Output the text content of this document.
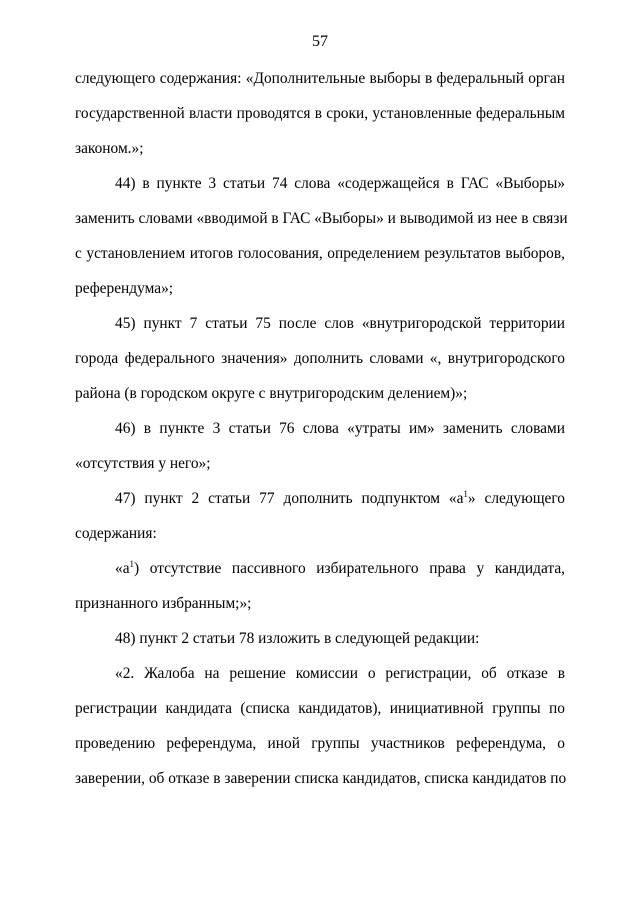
57
следующего содержания: «Дополнительные выборы в федеральный орган
государственной власти проводятся в сроки, установленные федеральным
законом.»;
44) в пункте 3 статьи 74 слова «содержащейся в ГАС «Выборы»
заменить словами «вводимой в ГАС «Выборы» и выводимой из нее в связи
с установлением итогов голосования, определением результатов выборов,
референдума»;
45) пункт 7 статьи 75 после слов «внутригородской территории
города федерального значения» дополнить словами «, внутригородского
района (в городском округе с внутригородским делением)»;
46) в пункте 3 статьи 76 слова «утраты им» заменить словами
«отсутствия у него»;
47) пункт 2 статьи 77 дополнить подпунктом «$а^1$» следующего
содержания:
«$а^1$) отсутствие пассивного избирательного права у кандидата,
признанного избранным;»;
48) пункт 2 статьи 78 изложить в следующей редакции:
«2. Жалоба на решение комиссии о регистрации, об отказе в
регистрации кандидата (списка кандидатов), инициативной группы по
проведению референдума, иной группы участников референдума, о
заверении, об отказе в заверении списка кандидатов, списка кандидатов по
